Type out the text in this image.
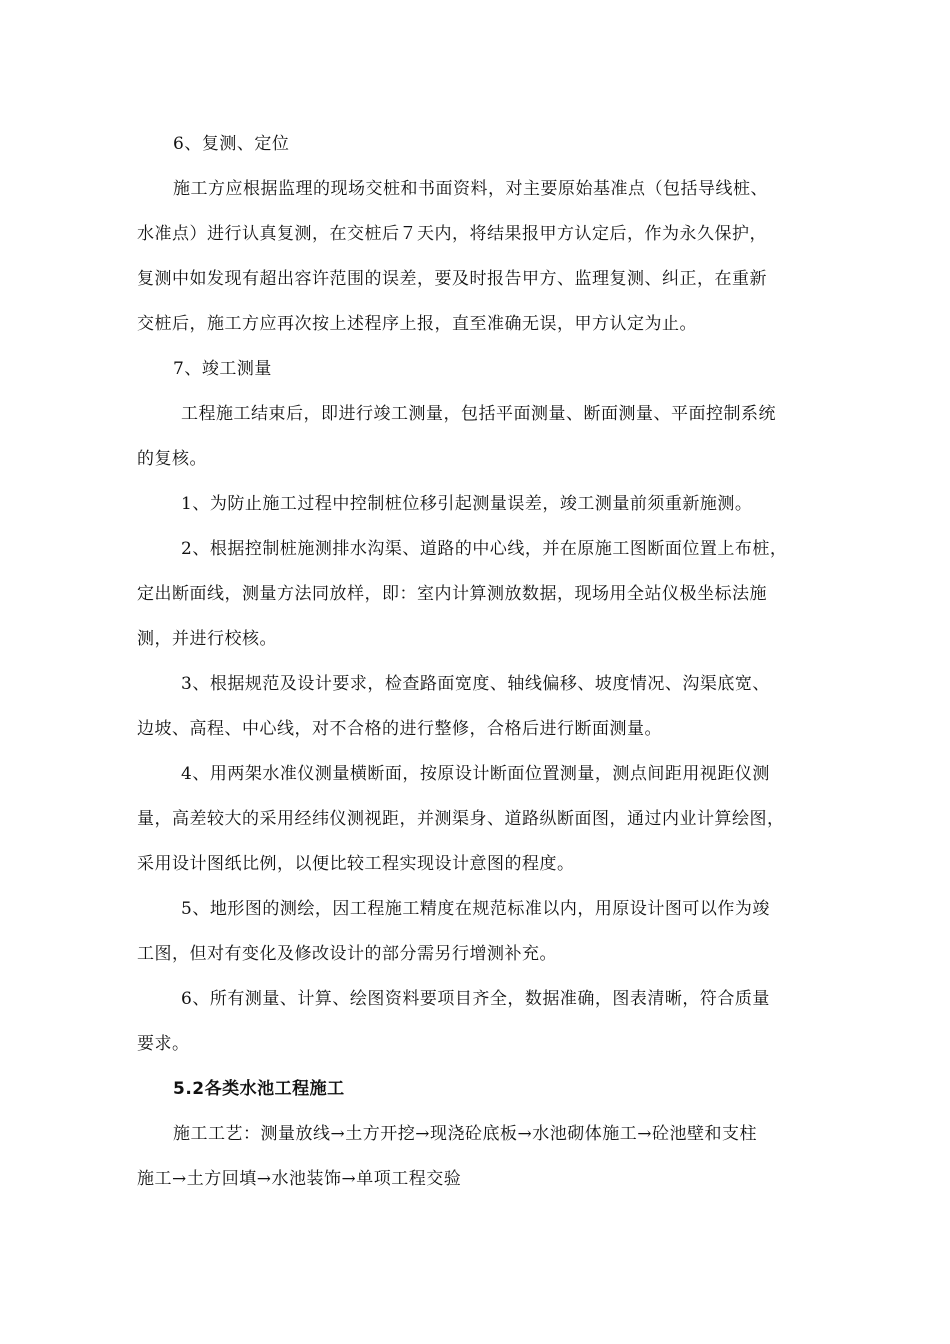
6、复测、定位
施工方应根据监理的现场交桩和书面资料，对主要原始基准点（包括导线桩、
水准点）进行认真复测，在交桩后７天内，将结果报甲方认定后，作为永久保护，
复测中如发现有超出容许范围的误差，要及时报告甲方、监理复测、纠正，在重新
交桩后，施工方应再次按上述程序上报，直至准确无误，甲方认定为止。
7、竣工测量
工程施工结束后，即进行竣工测量，包括平面测量、断面测量、平面控制系统
的复核。
1、为防止施工过程中控制桩位移引起测量误差，竣工测量前须重新施测。
2、根据控制桩施测排水沟渠、道路的中心线，并在原施工图断面位置上布桩，
定出断面线，测量方法同放样，即：室内计算测放数据，现场用全站仪极坐标法施
测，并进行校核。
3、根据规范及设计要求，检查路面宽度、轴线偏移、坡度情况、沟渠底宽、
边坡、高程、中心线，对不合格的进行整修，合格后进行断面测量。
4、用两架水准仪测量横断面，按原设计断面位置测量，测点间距用视距仪测
量，高差较大的采用经纬仪测视距，并测渠身、道路纵断面图，通过内业计算绘图，
采用设计图纸比例，以便比较工程实现设计意图的程度。
5、地形图的测绘，因工程施工精度在规范标准以内，用原设计图可以作为竣
工图，但对有变化及修改设计的部分需另行增测补充。
6、所有测量、计算、绘图资料要项目齐全，数据准确，图表清晰，符合质量
要求。
5.2各类水池工程施工
施工工艺：测量放线→土方开挖→现浇砼底板→水池砌体施工→砼池壁和支柱
施工→土方回填→水池装饰→单项工程交验
